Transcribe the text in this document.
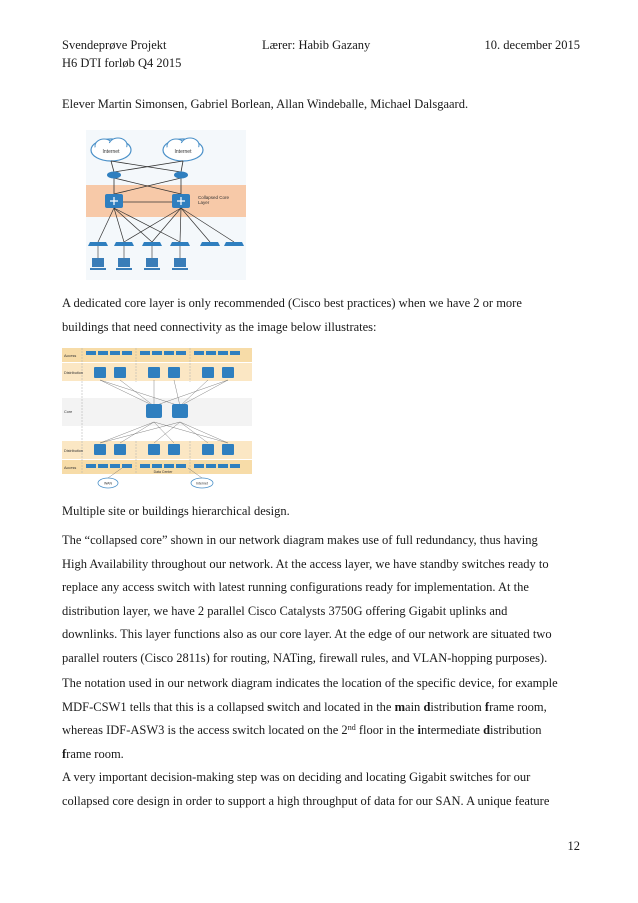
Svendeprøve Projekt	Lærer: Habib Gazany	10. december 2015
H6 DTI forløb Q4 2015
Elever Martin Simonsen, Gabriel Borlean, Allan Windeballe, Michael Dalsgaard.
Internet	Internet
Collapsed Core
Layer
A dedicated core layer is only recommended (Cisco best practices) when we have 2 or more
buildings that need connectivity as the image below illustrates:
Access
Distribution
Core
Distribution
Access
Data Center
WAN	Internet
Multiple site or buildings hierarchical design.
The “collapsed core” shown in our network diagram makes use of full redundancy, thus having
High Availability throughout our network. At the access layer, we have standby switches ready to
replace any access switch with latest running configurations ready for implementation. At the
distribution layer, we have 2 parallel Cisco Catalysts 3750G offering Gigabit uplinks and
downlinks. This layer functions also as our core layer. At the edge of our network are situated two
parallel routers (Cisco 2811s) for routing, NATing, firewall rules, and VLAN-hopping purposes).
The notation used in our network diagram indicates the location of the specific device, for example
MDF-CSW1 tells that this is a collapsed switch and located in the main distribution frame room,
whereas IDF-ASW3 is the access switch located on the 2nd floor in the intermediate distribution
frame room.
A very important decision-making step was on deciding and locating Gigabit switches for our
collapsed core design in order to support a high throughput of data for our SAN. A unique feature
12
